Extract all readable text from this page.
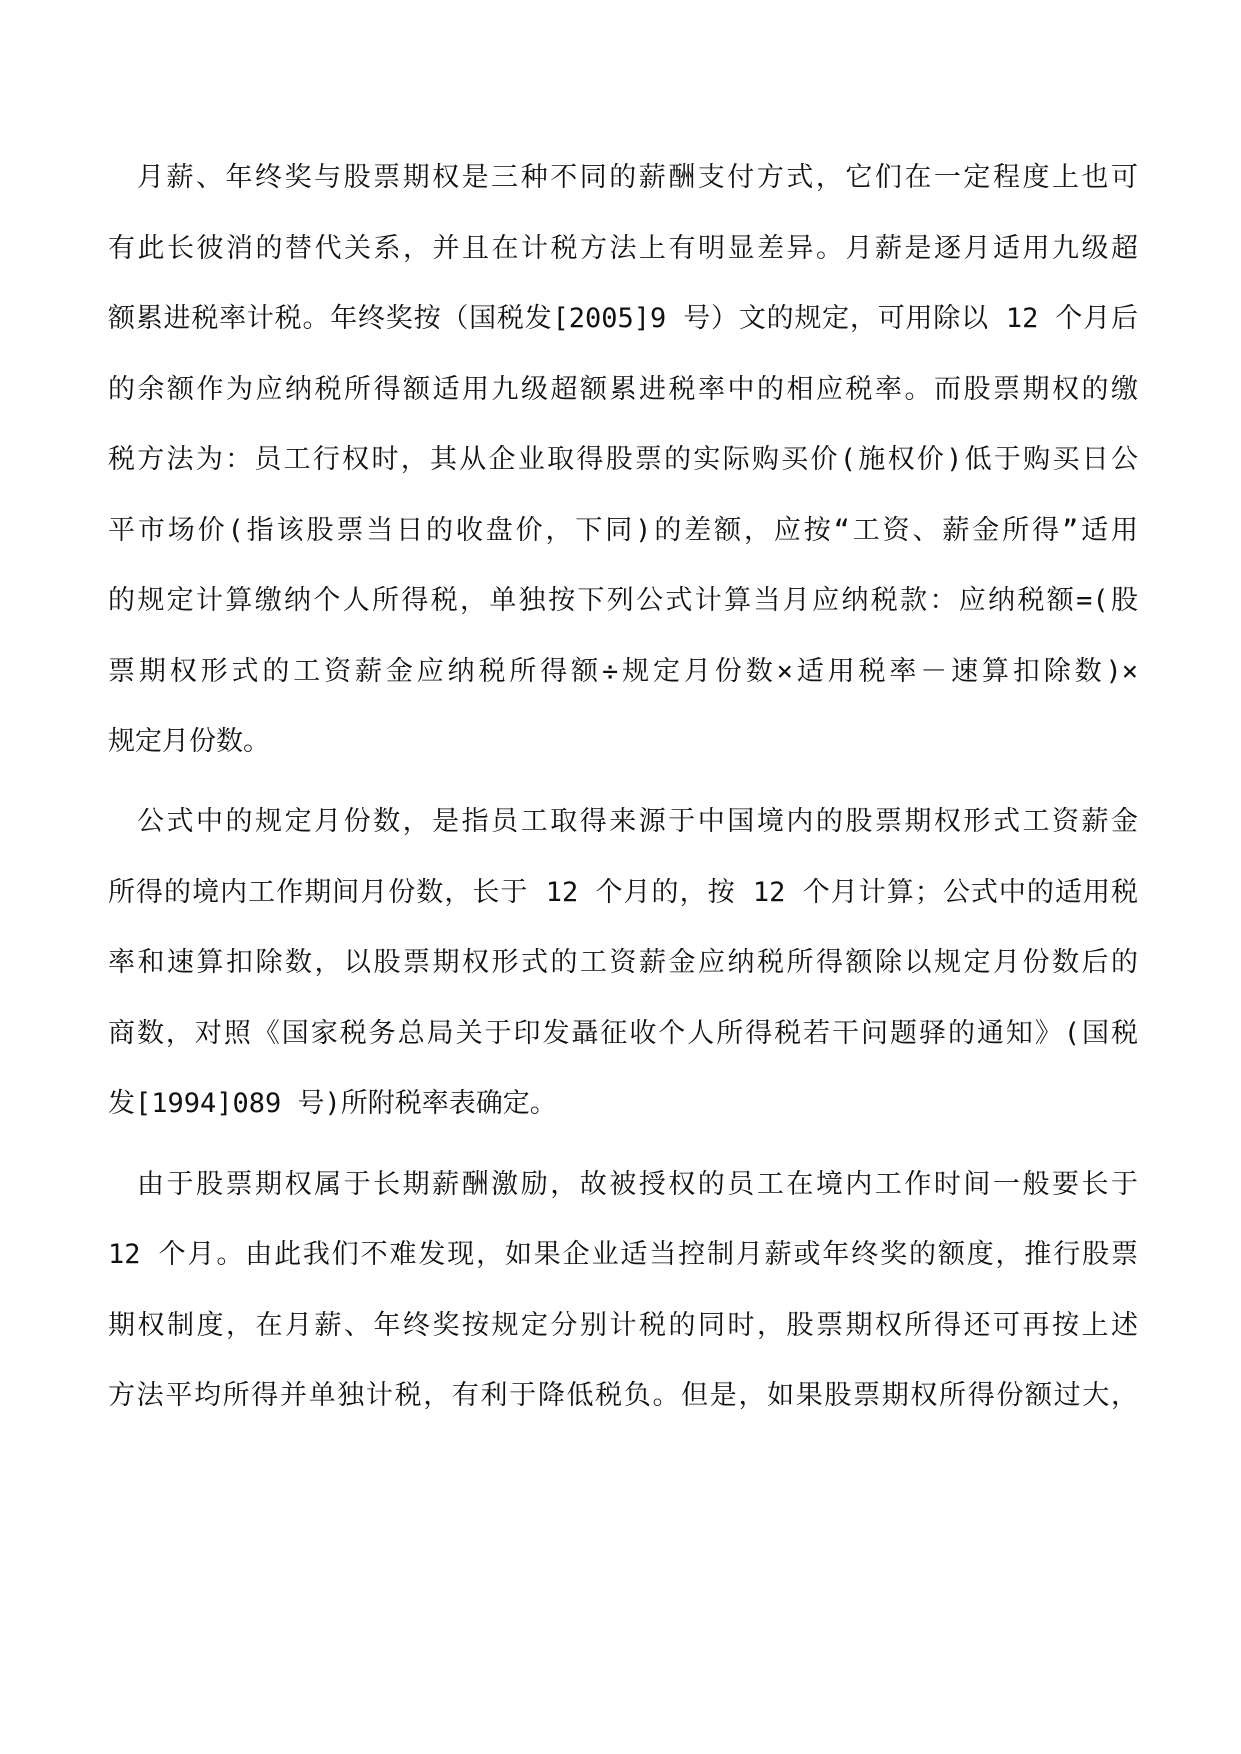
月薪、年终奖与股票期权是三种不同的薪酬支付方式，它们在一定程度上也可

有此长彼消的替代关系，并且在计税方法上有明显差异。月薪是逐月适用九级超

额累进税率计税。年终奖按（国税发[2005]9 号）文的规定，可用除以 12 个月后

的余额作为应纳税所得额适用九级超额累进税率中的相应税率。而股票期权的缴

税方法为：员工行权时，其从企业取得股票的实际购买价(施权价)低于购买日公

平市场价(指该股票当日的收盘价，下同)的差额，应按“工资、薪金所得”适用

的规定计算缴纳个人所得税，单独按下列公式计算当月应纳税款：应纳税额=(股

票期权形式的工资薪金应纳税所得额÷规定月份数×适用税率－速算扣除数)×

规定月份数。

公式中的规定月份数，是指员工取得来源于中国境内的股票期权形式工资薪金

所得的境内工作期间月份数，长于 12 个月的，按 12 个月计算；公式中的适用税

率和速算扣除数，以股票期权形式的工资薪金应纳税所得额除以规定月份数后的

商数，对照《国家税务总局关于印发聶征收个人所得税若干问题驿的通知》(国税

发[1994]089 号)所附税率表确定。

由于股票期权属于长期薪酬激励，故被授权的员工在境内工作时间一般要长于

12 个月。由此我们不难发现，如果企业适当控制月薪或年终奖的额度，推行股票

期权制度，在月薪、年终奖按规定分别计税的同时，股票期权所得还可再按上述

方法平均所得并单独计税，有利于降低税负。但是，如果股票期权所得份额过大，
